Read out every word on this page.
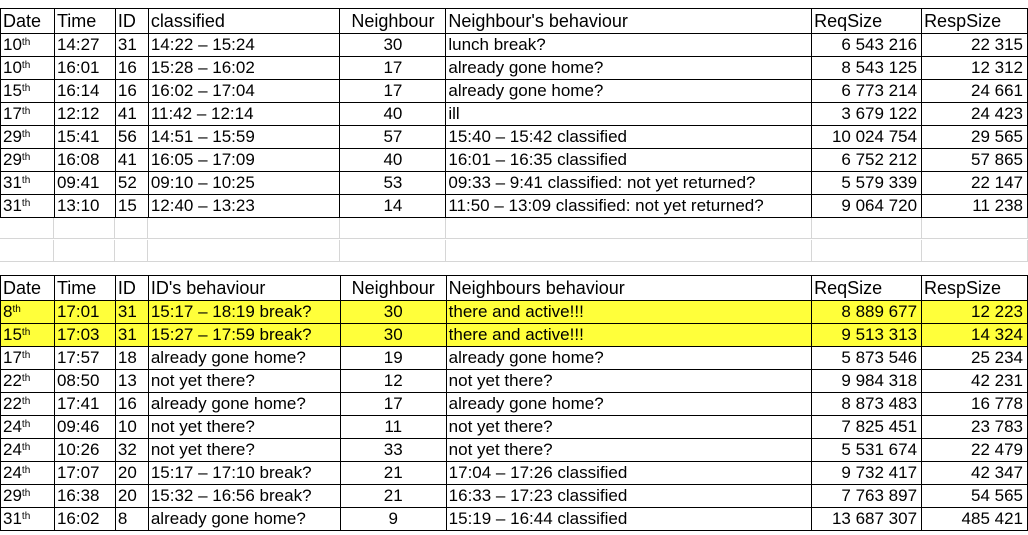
Date	Time	ID	classified	Neighbour	Neighbour's behaviour	ReqSize	RespSize
10th	14:27	31	14:22 – 15:24	30	lunch break?	6 543 216	22 315
10th	16:01	16	15:28 – 16:02	17	already gone home?	8 543 125	12 312
15th	16:14	16	16:02 – 17:04	17	already gone home?	6 773 214	24 661
17th	12:12	41	11:42 – 12:14	40	ill	3 679 122	24 423
29th	15:41	56	14:51 – 15:59	57	15:40 – 15:42 classified	10 024 754	29 565
29th	16:08	41	16:05 – 17:09	40	16:01 – 16:35 classified	6 752 212	57 865
31th	09:41	52	09:10 – 10:25	53	09:33 – 9:41 classified: not yet returned?	5 579 339	22 147
31th	13:10	15	12:40 – 13:23	14	11:50 – 13:09 classified: not yet returned?	9 064 720	11 238
Date	Time	ID	ID's behaviour	Neighbour	Neighbours behaviour	ReqSize	RespSize
8th	17:01	31	15:17 – 18:19 break?	30	there and active!!!	8 889 677	12 223
15th	17:03	31	15:27 – 17:59 break?	30	there and active!!!	9 513 313	14 324
17th	17:57	18	already gone home?	19	already gone home?	5 873 546	25 234
22th	08:50	13	not yet there?	12	not yet there?	9 984 318	42 231
22th	17:41	16	already gone home?	17	already gone home?	8 873 483	16 778
24th	09:46	10	not yet there?	11	not yet there?	7 825 451	23 783
24th	10:26	32	not yet there?	33	not yet there?	5 531 674	22 479
24th	17:07	20	15:17 – 17:10 break?	21	17:04 – 17:26 classified	9 732 417	42 347
29th	16:38	20	15:32 – 16:56 break?	21	16:33 – 17:23 classified	7 763 897	54 565
31th	16:02	8	already gone home?	9	15:19 – 16:44 classified	13 687 307	485 421
